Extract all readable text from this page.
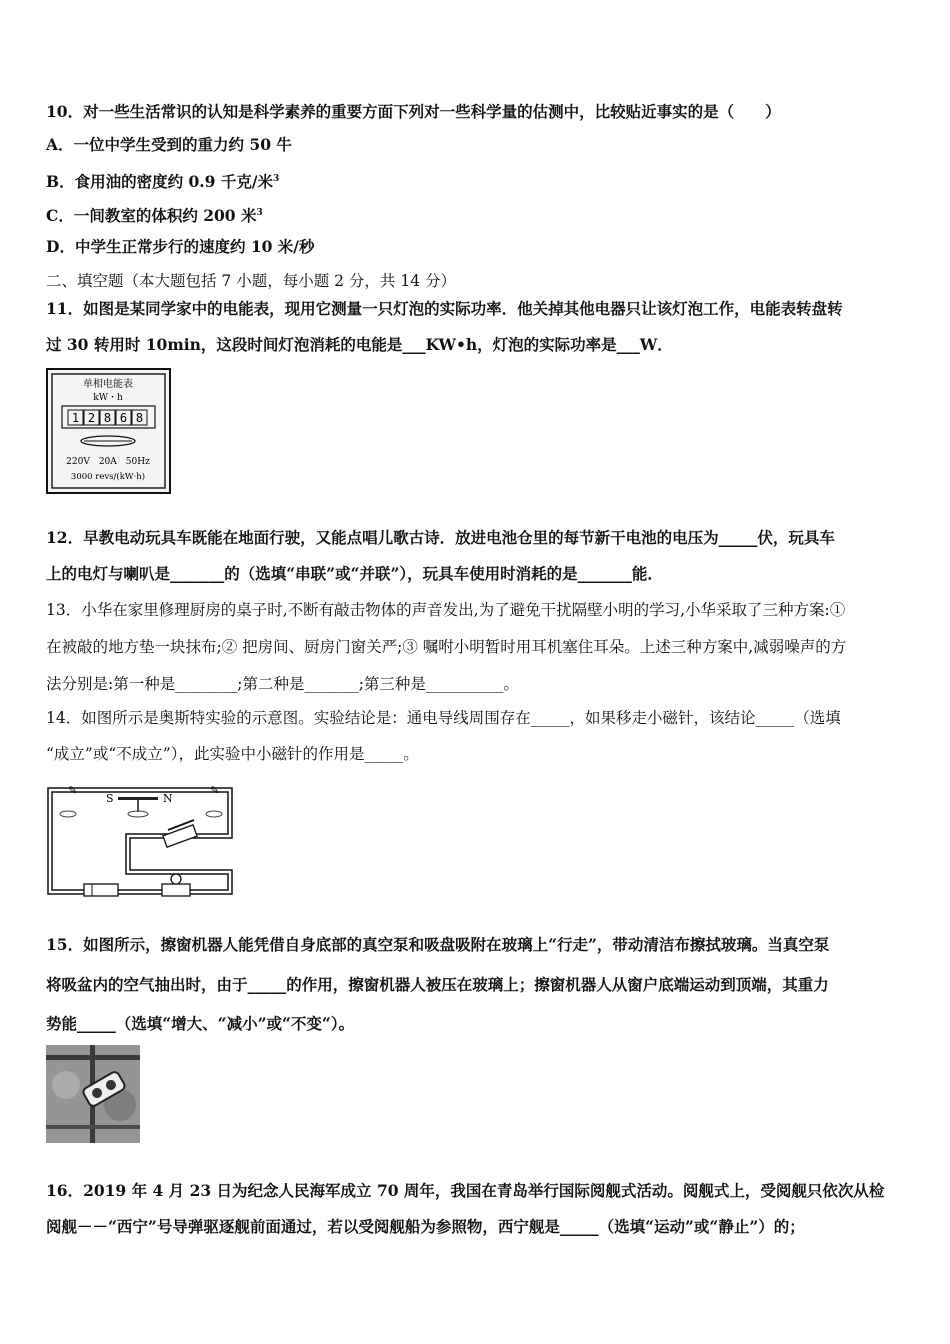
10．对一些生活常识的认知是科学素养的重要方面下列对一些科学量的估测中，比较贴近事实的是（　　）
A．一位中学生受到的重力约 50 牛
B．食用油的密度约 0.9 千克/米$^3$
C．一间教室的体积约 200 米$^3$
D．中学生正常步行的速度约 10 米/秒
二、填空题（本大题包括 7 小题，每小题 2 分，共 14 分）
11．如图是某同学家中的电能表，现用它测量一只灯泡的实际功率．他关掉其他电器只让该灯泡工作，电能表转盘转
过 30 转用时 10min，这段时间灯泡消耗的电能是___KW•h，灯泡的实际功率是___W．
单相电能表
kW・h
1 2 8 6 8
220V　20A　50Hz
3000 revs/(kW·h)
12．早教电动玩具车既能在地面行驶，又能点唱儿歌古诗．放进电池仓里的每节新干电池的电压为_____伏，玩具车
上的电灯与喇叭是_______的（选填“串联”或“并联”），玩具车使用时消耗的是_______能．
13．小华在家里修理厨房的桌子时,不断有敲击物体的声音发出,为了避免干扰隔壁小明的学习,小华采取了三种方案:①
在被敲的地方垫一块抹布;② 把房间、厨房门窗关严;③ 嘱咐小明暂时用耳机塞住耳朵。上述三种方案中,减弱噪声的方
法分别是:第一种是________;第二种是_______;第三种是__________。
14．如图所示是奥斯特实验的示意图。实验结论是：通电导线周围存在_____，如果移走小磁针，该结论_____（选填
“成立”或“不成立”），此实验中小磁针的作用是_____。
✎	✎
S	N
15．如图所示，擦窗机器人能凭借自身底部的真空泵和吸盘吸附在玻璃上“行走”，带动清洁布擦拭玻璃。当真空泵
将吸盆内的空气抽出时，由于_____的作用，擦窗机器人被压在玻璃上；擦窗机器人从窗户底端运动到顶端，其重力
势能_____（选填“增大、“减小”或“不变“）。
16．2019 年 4 月 23 日为纪念人民海军成立 70 周年，我国在青岛举行国际阅舰式活动。阅舰式上，受阅舰只依次从检
阅舰－－“西宁”号导弹驱逐舰前面通过，若以受阅舰船为参照物，西宁舰是_____（选填“运动”或“静止”）的；
